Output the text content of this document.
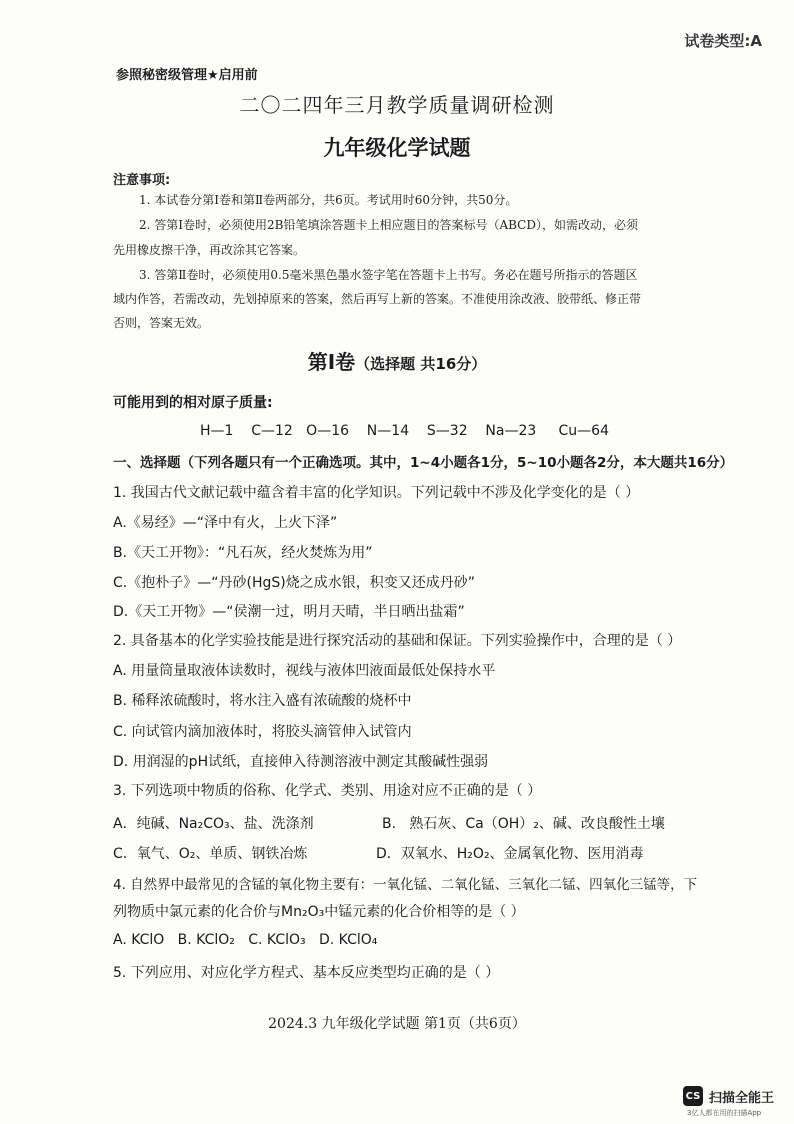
试卷类型:A
参照秘密级管理★启用前
二〇二四年三月教学质量调研检测
九年级化学试题
注意事项:
1. 本试卷分第Ⅰ卷和第Ⅱ卷两部分，共6页。考试用时60分钟，共50分。
2. 答第Ⅰ卷时，必须使用2B铅笔填涂答题卡上相应题目的答案标号（ABCD），如需改动，必须
先用橡皮擦干净，再改涂其它答案。
3. 答第Ⅱ卷时，必须使用0.5毫米黑色墨水签字笔在答题卡上书写。务必在题号所指示的答题区
域内作答，若需改动，先划掉原来的答案，然后再写上新的答案。不准使用涂改液、胶带纸、修正带
否则，答案无效。
第Ⅰ卷（选择题 共16分）
可能用到的相对原子质量:
H—1    C—12   O—16    N—14    S—32    Na—23     Cu—64
一、选择题（下列各题只有一个正确选项。其中，1~4小题各1分，5~10小题各2分，本大题共16分）
1. 我国古代文献记载中蕴含着丰富的化学知识。下列记载中不涉及化学变化的是（ ）
A.《易经》—“泽中有火，上火下泽”
B.《天工开物》：“凡石灰，经火焚炼为用”
C.《抱朴子》—“丹砂(HgS)烧之成水银，积变又还成丹砂”
D.《天工开物》—“侯潮一过，明月天晴，半日晒出盐霜”
2. 具备基本的化学实验技能是进行探究活动的基础和保证。下列实验操作中，合理的是（ ）
A. 用量筒量取液体读数时，视线与液体凹液面最低处保持水平
B. 稀释浓硫酸时，将水注入盛有浓硫酸的烧杯中
C. 向试管内滴加液体时，将胶头滴管伸入试管内
D. 用润湿的pH试纸，直接伸入待测溶液中测定其酸碱性强弱
3. 下列选项中物质的俗称、化学式、类别、用途对应不正确的是（ ）
A．纯碱、Na₂CO₃、盐、洗涤剂	B.   熟石灰、Ca（OH）₂、碱、改良酸性土壤
C．氧气、O₂、单质、钢铁冶炼	D．双氧水、H₂O₂、金属氧化物、医用消毒
4. 自然界中最常见的含锰的氧化物主要有：一氧化锰、二氧化锰、三氧化二锰、四氧化三锰等，下
列物质中氯元素的化合价与Mn₂O₃中锰元素的化合价相等的是（ ）
A. KClO   B. KClO₂   C. KClO₃   D. KClO₄
5. 下列应用、对应化学方程式、基本反应类型均正确的是（ ）
2024.3 九年级化学试题 第1页（共6页）
CS 扫描全能王
3亿人都在用的扫描App
